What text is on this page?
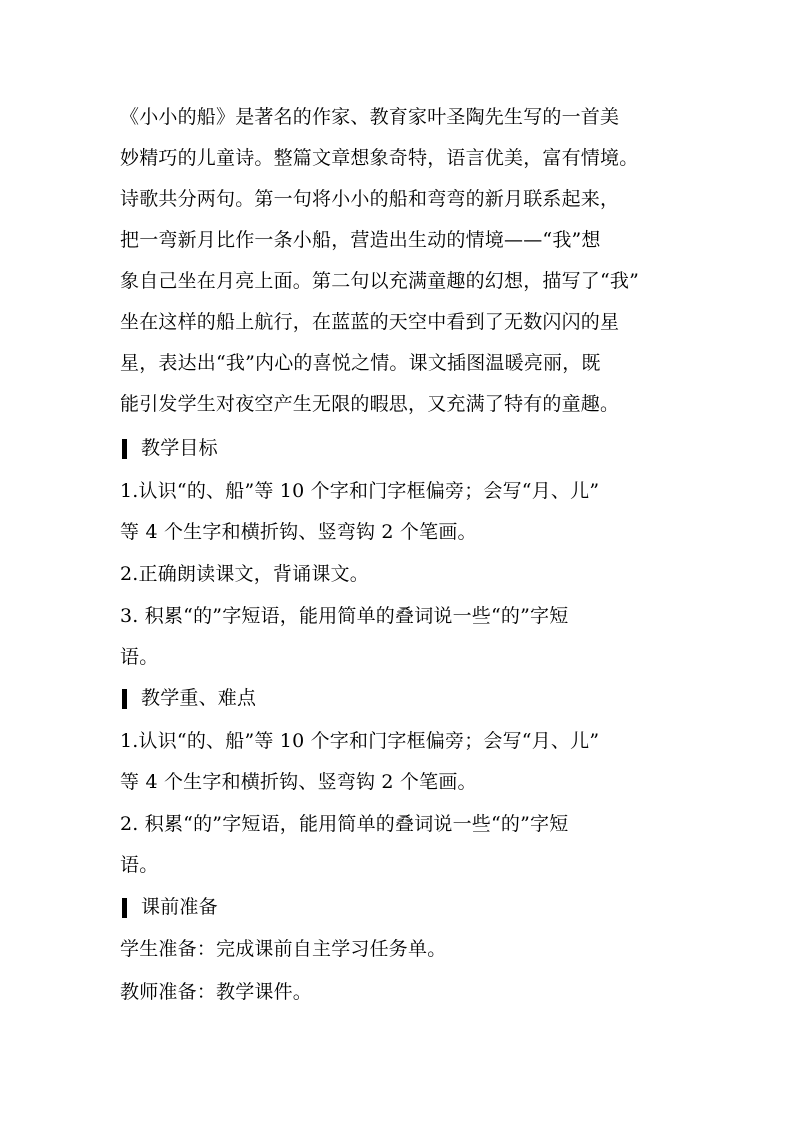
《小小的船》是著名的作家、教育家叶圣陶先生写的一首美
妙精巧的儿童诗。整篇文章想象奇特，语言优美，富有情境。
诗歌共分两句。第一句将小小的船和弯弯的新月联系起来，
把一弯新月比作一条小船，营造出生动的情境——“我”想
象自己坐在月亮上面。第二句以充满童趣的幻想，描写了“我”
坐在这样的船上航行，在蓝蓝的天空中看到了无数闪闪的星
星，表达出“我”内心的喜悦之情。课文插图温暖亮丽，既
能引发学生对夜空产生无限的暇思，又充满了特有的童趣。
教学目标
1.认识“的、船”等 10 个字和门字框偏旁；会写“月、儿”
等 4 个生字和横折钩、竖弯钩 2 个笔画。
2.正确朗读课文，背诵课文。
3. 积累“的”字短语，能用简单的叠词说一些“的”字短
语。
教学重、难点
1.认识“的、船”等 10 个字和门字框偏旁；会写“月、儿”
等 4 个生字和横折钩、竖弯钩 2 个笔画。
2. 积累“的”字短语，能用简单的叠词说一些“的”字短
语。
课前准备
学生准备：完成课前自主学习任务单。
教师准备：教学课件。
